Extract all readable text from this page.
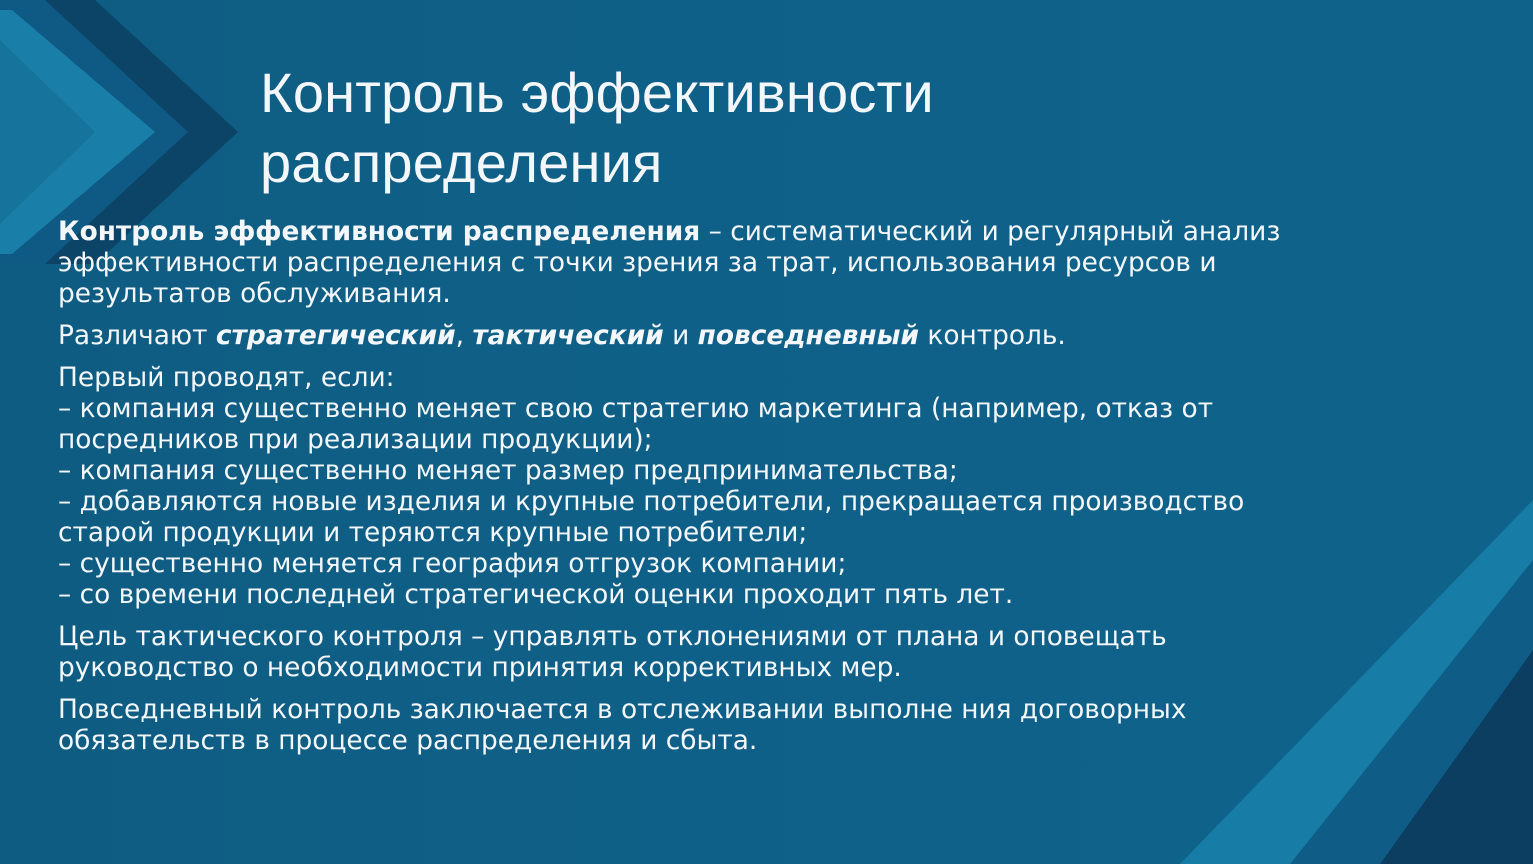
Контроль эффективности
распределения
Контроль эффективности распределения – систематический и регулярный анализ
эффективности распределения с точки зрения за трат, использования ресурсов и
результатов обслуживания.
Различают стратегический, тактический и повседневный контроль.
Первый проводят, если:
– компания существенно меняет свою стратегию маркетинга (например, отказ от
посредников при реализации продукции);
– компания существенно меняет размер предпринимательства;
– добавляются новые изделия и крупные потребители, прекращается производство
старой продукции и теряются крупные потребители;
– существенно меняется география отгрузок компании;
– со времени последней стратегической оценки проходит пять лет.
Цель тактического контроля – управлять отклонениями от плана и оповещать
руководство о необходимости принятия коррективных мер.
Повседневный контроль заключается в отслеживании выполне ния договорных
обязательств в процессе распределения и сбыта.
